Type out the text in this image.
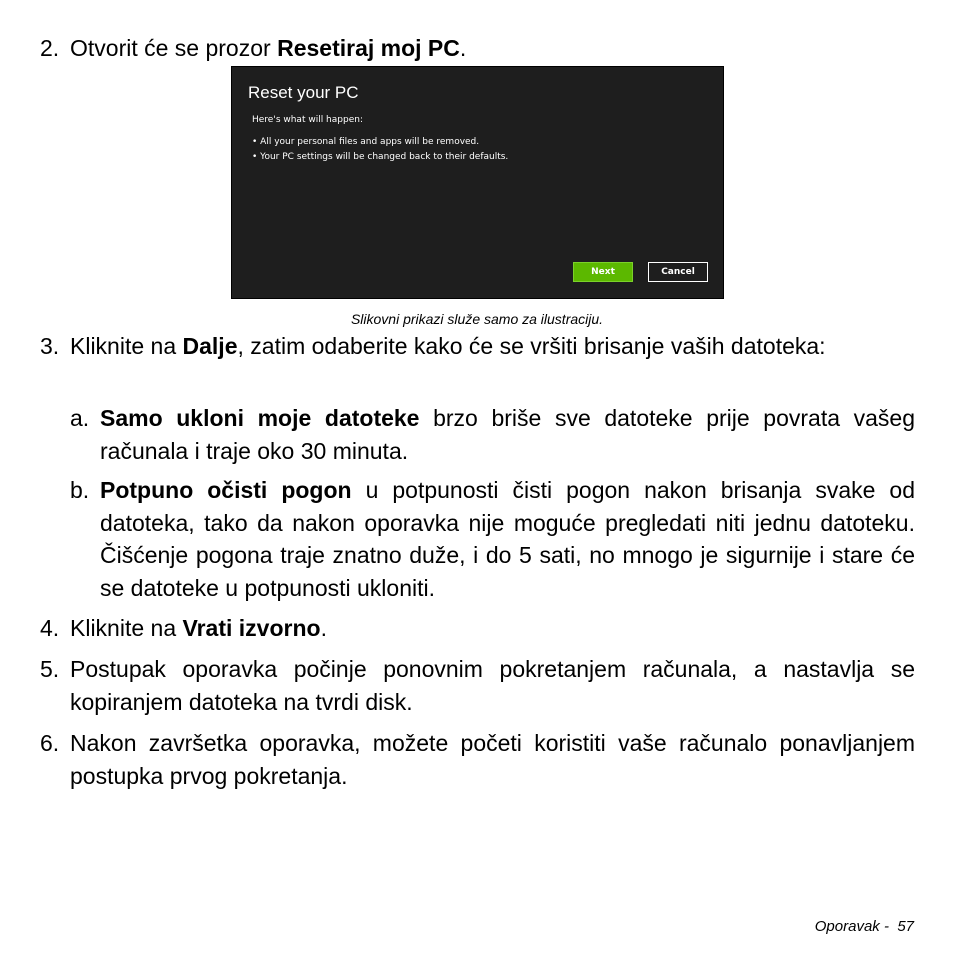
2. Otvorit će se prozor Resetiraj moj PC.
Reset your PC
Here's what will happen:
• All your personal files and apps will be removed.
• Your PC settings will be changed back to their defaults.
Next	Cancel
Slikovni prikazi služe samo za ilustraciju.
3. Kliknite na Dalje, zatim odaberite kako će se vršiti brisanje vaših datoteka:
a. Samo ukloni moje datoteke brzo briše sve datoteke prije povrata vašeg računala i traje oko 30 minuta.
b. Potpuno očisti pogon u potpunosti čisti pogon nakon brisanja svake od datoteka, tako da nakon oporavka nije moguće pregledati niti jednu datoteku. Čišćenje pogona traje znatno duže, i do 5 sati, no mnogo je sigurnije i stare će se datoteke u potpunosti ukloniti.
4. Kliknite na Vrati izvorno.
5. Postupak oporavka počinje ponovnim pokretanjem računala, a nastavlja se kopiranjem datoteka na tvrdi disk.
6. Nakon završetka oporavka, možete početi koristiti vaše računalo ponavljanjem postupka prvog pokretanja.
Oporavak - 57
